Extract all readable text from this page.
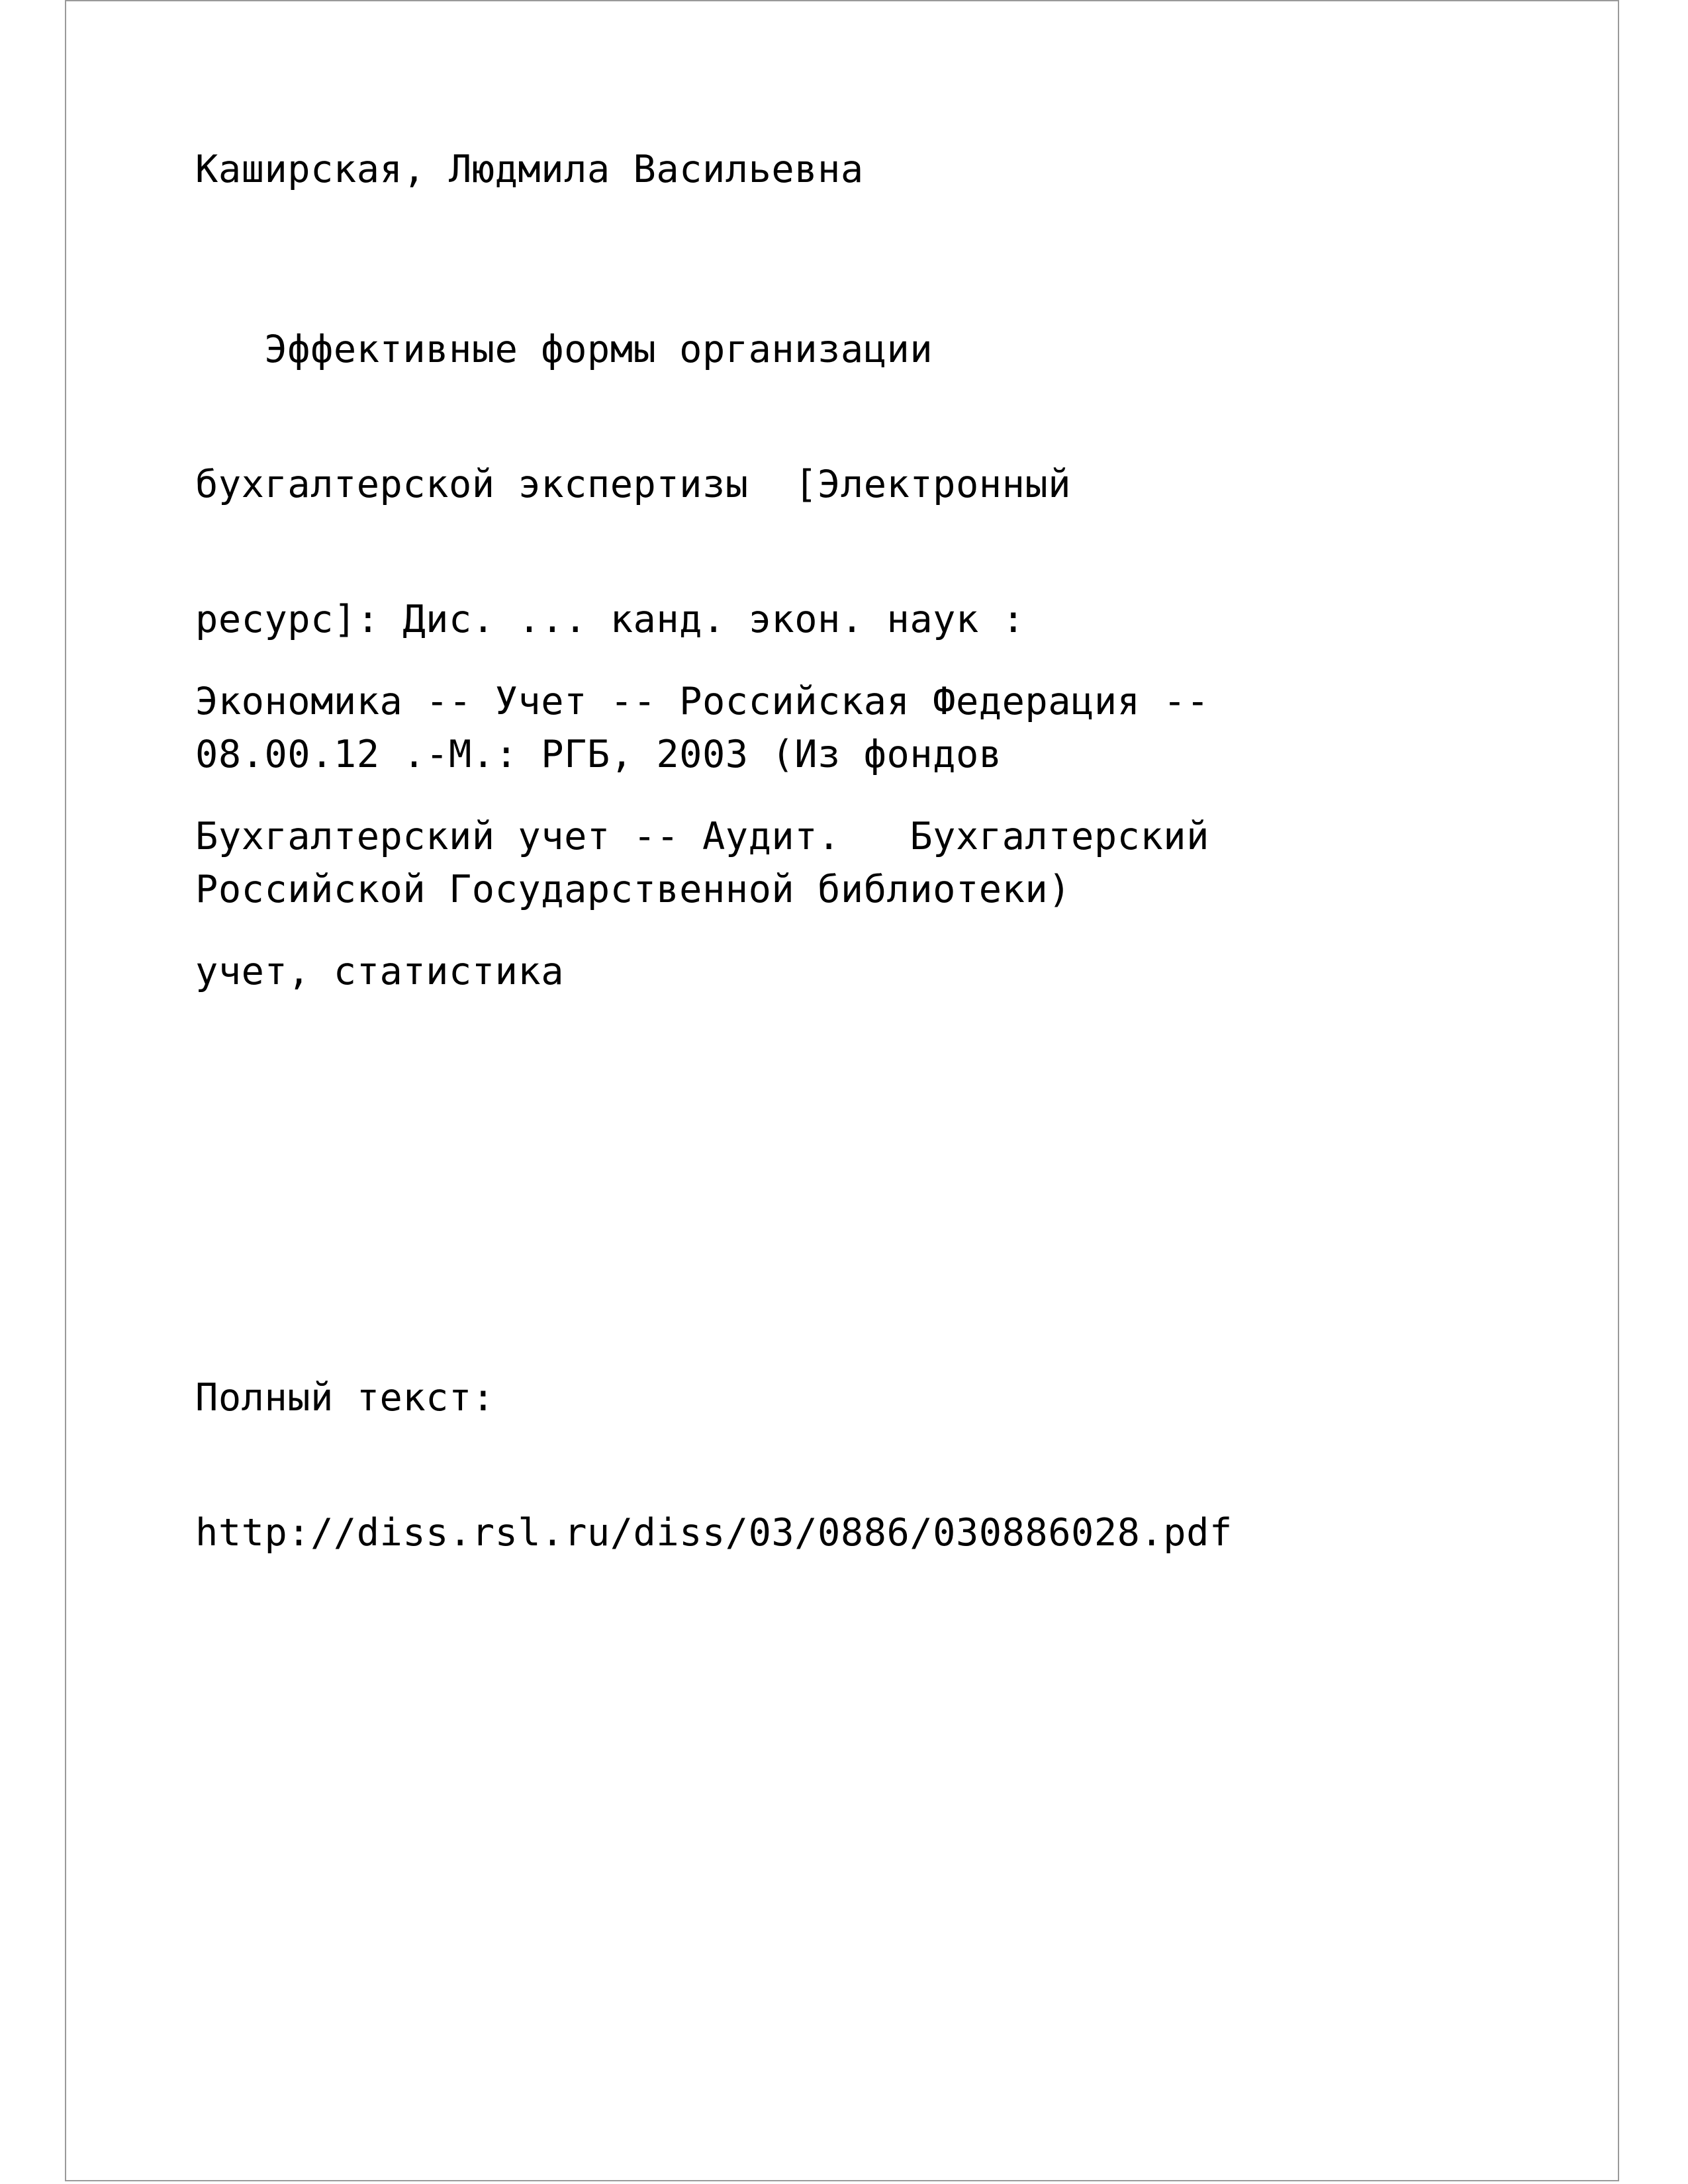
Каширская, Людмила Васильевна

Эффективные формы организации

бухгалтерской экспертизы  [Электронный

ресурс]: Дис. ... канд. экон. наук :

08.00.12 .-М.: РГБ, 2003 (Из фондов

Российской Государственной библиотеки)

Экономика -- Учет -- Российская Федерация --

Бухгалтерский учет -- Аудит.   Бухгалтерский

учет, статистика

Полный текст:

http://diss.rsl.ru/diss/03/0886/030886028.pdf
